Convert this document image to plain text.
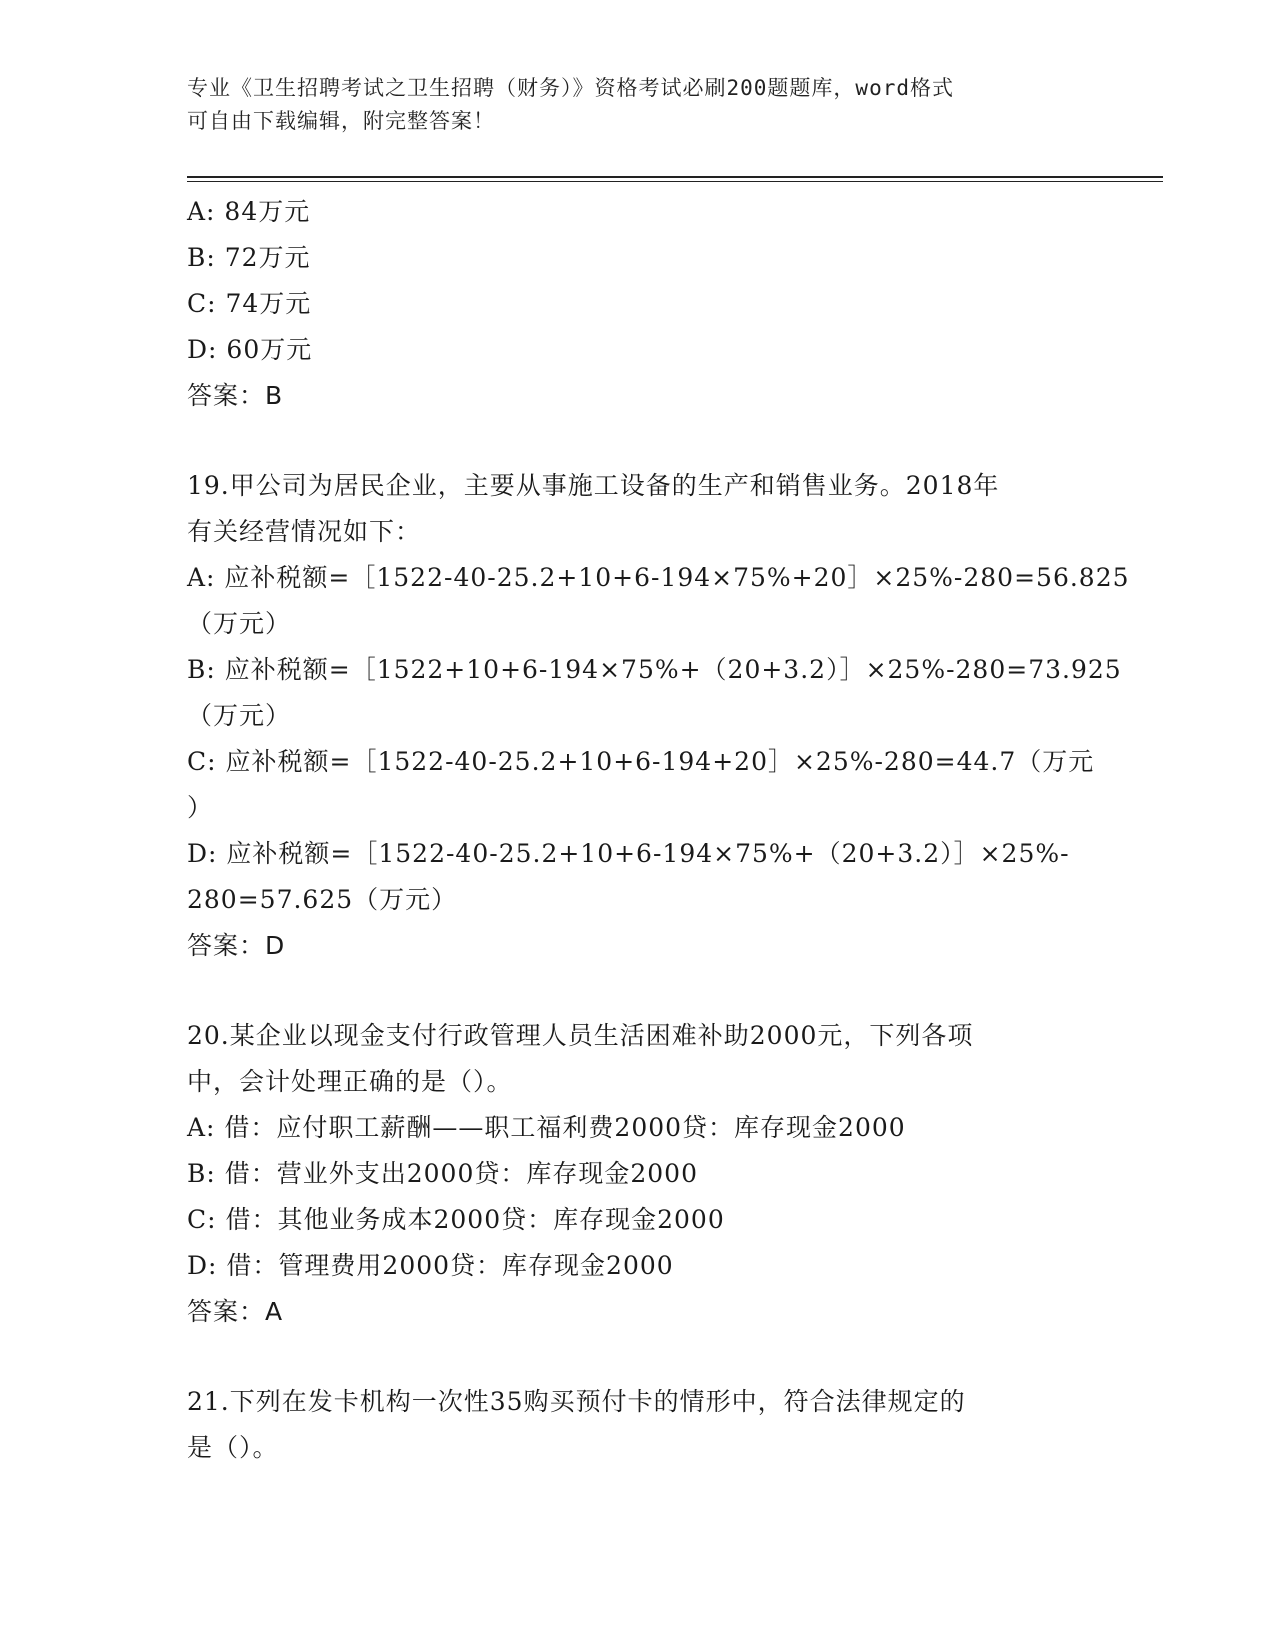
专业《卫生招聘考试之卫生招聘（财务）》资格考试必刷200题题库，word格式
可自由下载编辑，附完整答案！
A: 84万元
B: 72万元
C: 74万元
D: 60万元
答案：B
19.甲公司为居民企业，主要从事施工设备的生产和销售业务。2018年
有关经营情况如下：
A: 应补税额=［1522-40-25.2+10+6-194×75%+20］×25%-280=56.825
（万元）
B: 应补税额=［1522+10+6-194×75%+（20+3.2）］×25%-280=73.925
（万元）
C: 应补税额=［1522-40-25.2+10+6-194+20］×25%-280=44.7（万元
）
D: 应补税额=［1522-40-25.2+10+6-194×75%+（20+3.2）］×25%-
280=57.625（万元）
答案：D
20.某企业以现金支付行政管理人员生活困难补助2000元，下列各项
中，会计处理正确的是（）。
A: 借：应付职工薪酬——职工福利费2000贷：库存现金2000
B: 借：营业外支出2000贷：库存现金2000
C: 借：其他业务成本2000贷：库存现金2000
D: 借：管理费用2000贷：库存现金2000
答案：A
21.下列在发卡机构一次性35购买预付卡的情形中，符合法律规定的
是（）。
